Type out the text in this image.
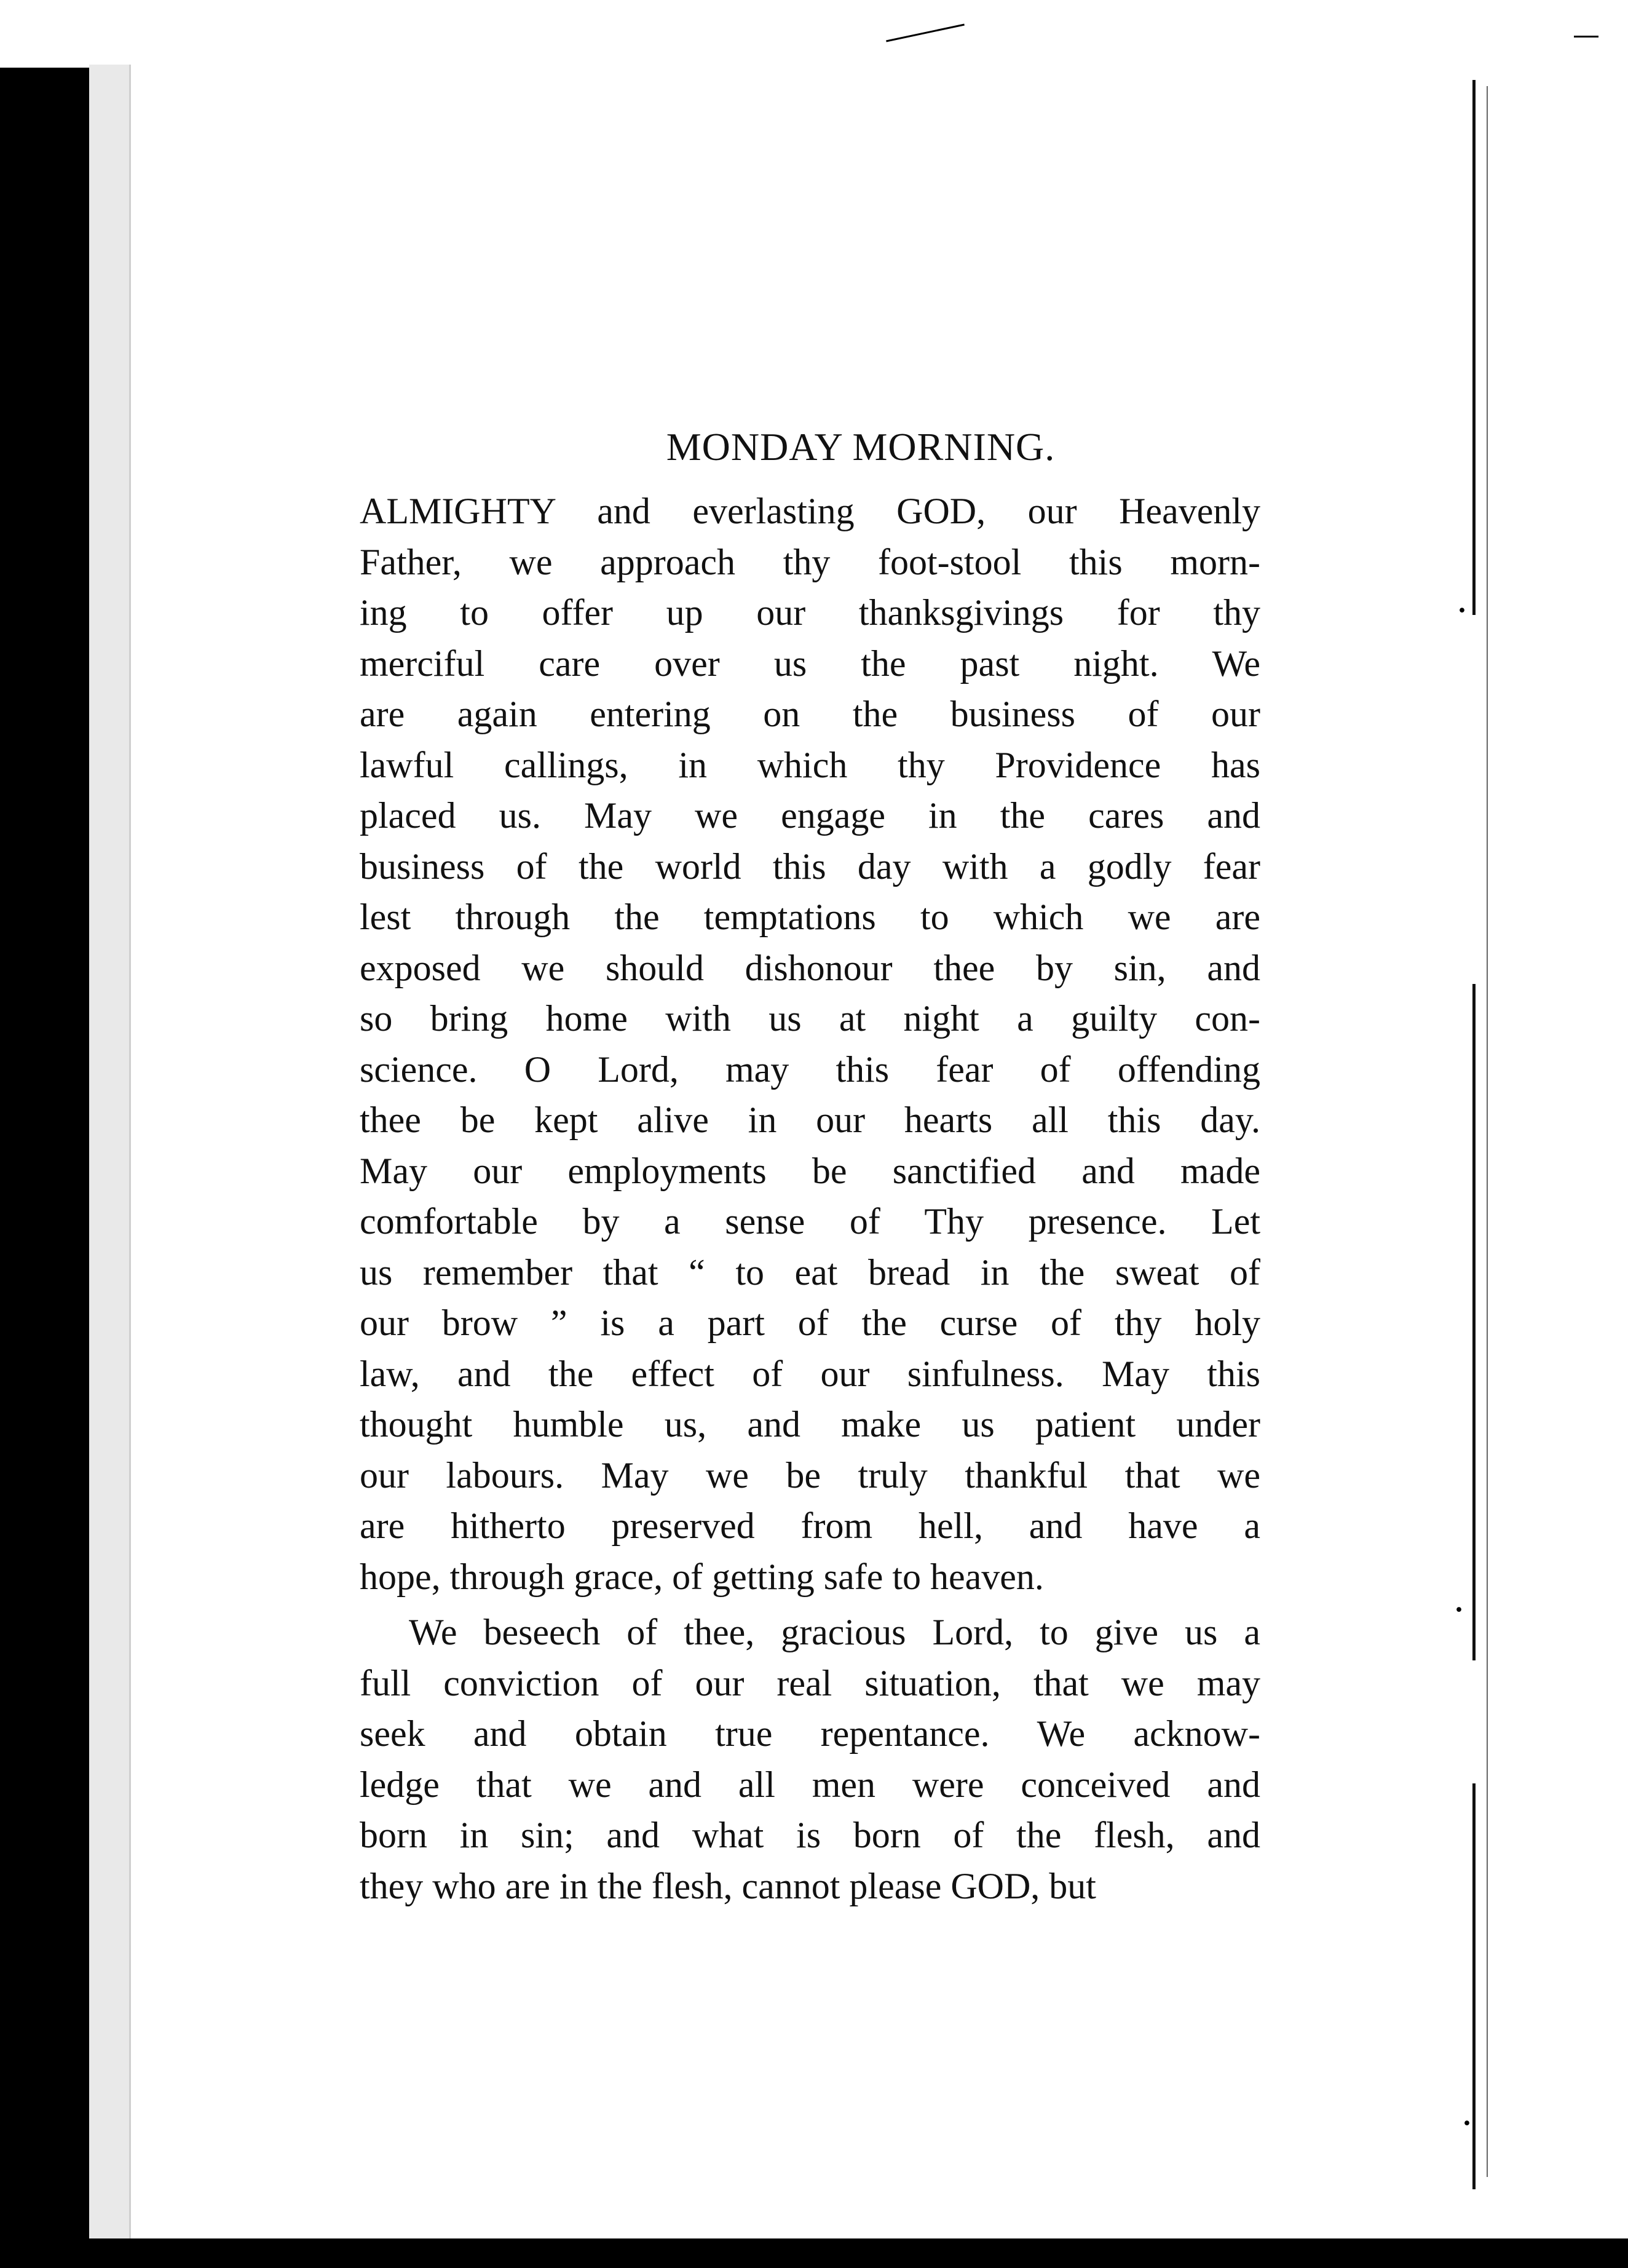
·
·
·
·
MONDAY MORNING.
ALMIGHTY and everlasting GOD, our Heavenly
Father, we approach thy foot-stool this morn-
ing to offer up our thanksgivings for thy
merciful care over us the past night. We
are again entering on the business of our
lawful callings, in which thy Providence has
placed us. May we engage in the cares and
business of the world this day with a godly fear
lest through the temptations to which we are
exposed we should dishonour thee by sin, and
so bring home with us at night a guilty con-
science. O Lord, may this fear of offending
thee be kept alive in our hearts all this day.
May our employments be sanctified and made
comfortable by a sense of Thy presence. Let
us remember that “ to eat bread in the sweat of
our brow ” is a part of the curse of thy holy
law, and the effect of our sinfulness. May this
thought humble us, and make us patient under
our labours. May we be truly thankful that we
are hitherto preserved from hell, and have a
hope, through grace, of getting safe to heaven.
We beseech of thee, gracious Lord, to give us a
full conviction of our real situation, that we may
seek and obtain true repentance. We acknow-
ledge that we and all men were conceived and
born in sin; and what is born of the flesh, and
they who are in the flesh, cannot please GOD, but
